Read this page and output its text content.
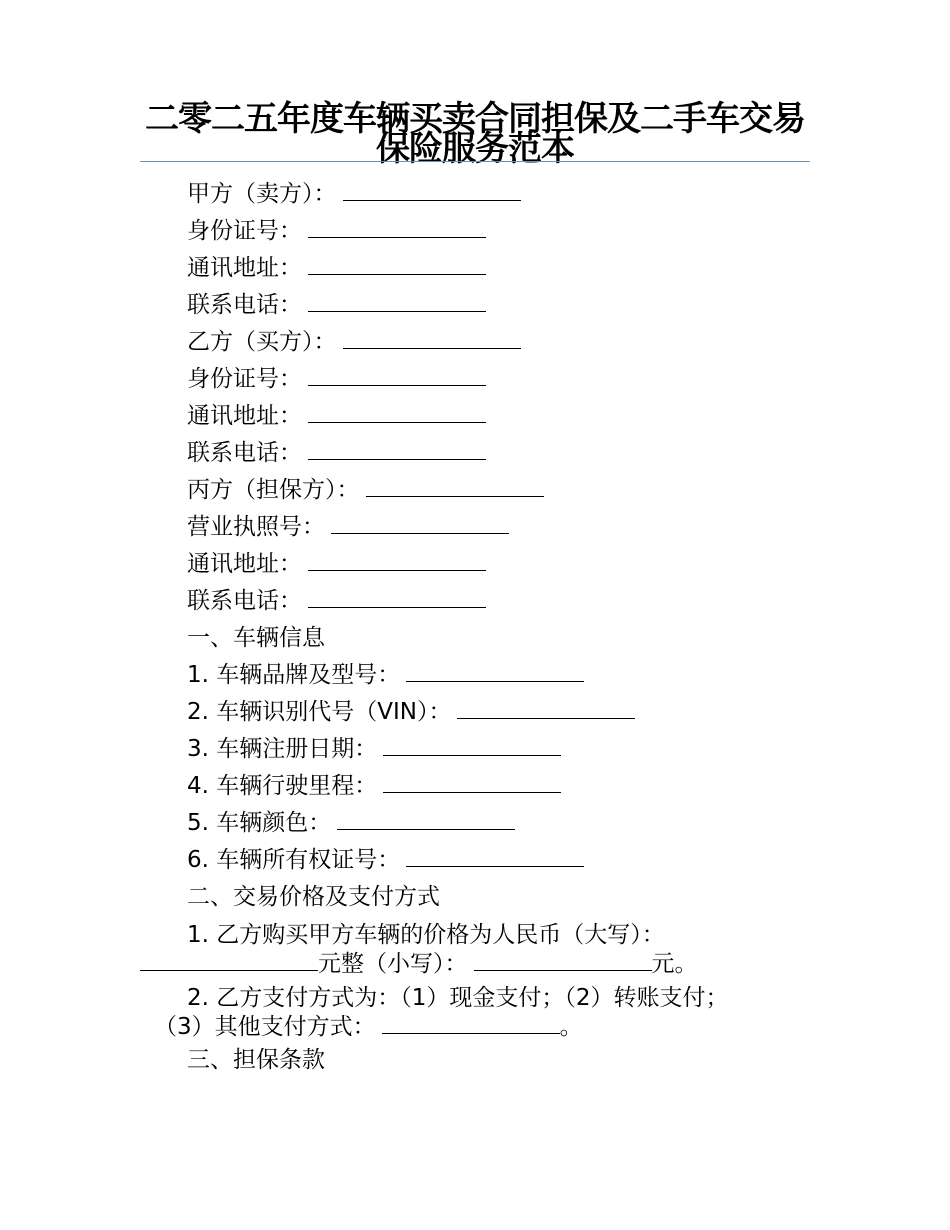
二零二五年度车辆买卖合同担保及二手车交易保险服务范本
甲方（卖方）：
身份证号：
通讯地址：
联系电话：
乙方（买方）：
身份证号：
通讯地址：
联系电话：
丙方（担保方）：
营业执照号：
通讯地址：
联系电话：
一、车辆信息
1. 车辆品牌及型号：
2. 车辆识别代号（VIN）：
3. 车辆注册日期：
4. 车辆行驶里程：
5. 车辆颜色：
6. 车辆所有权证号：
二、交易价格及支付方式
1. 乙方购买甲方车辆的价格为人民币（大写）：
元整（小写）：	元。
2. 乙方支付方式为：（1）现金支付；（2）转账支付；
（3）其他支付方式：	。
三、担保条款
